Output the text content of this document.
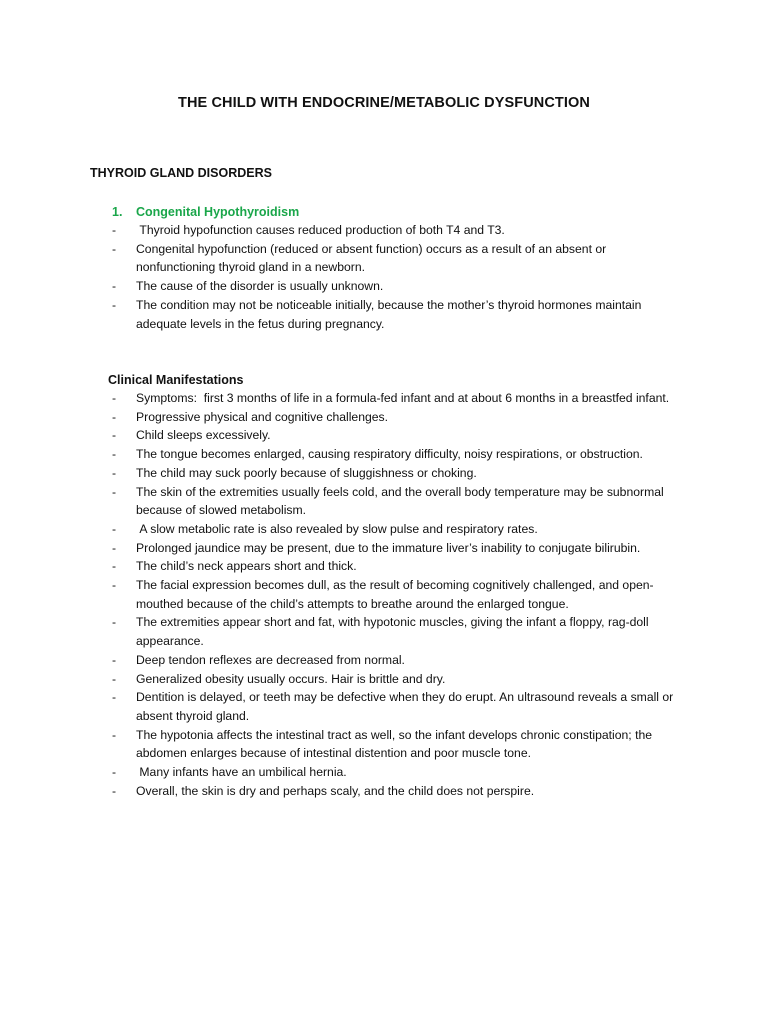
THE CHILD WITH ENDOCRINE/METABOLIC DYSFUNCTION
THYROID GLAND DISORDERS
1. Congenital Hypothyroidism
- Thyroid hypofunction causes reduced production of both T4 and T3.
- Congenital hypofunction (reduced or absent function) occurs as a result of an absent or nonfunctioning thyroid gland in a newborn.
- The cause of the disorder is usually unknown.
- The condition may not be noticeable initially, because the mother’s thyroid hormones maintain adequate levels in the fetus during pregnancy.
Clinical Manifestations
- Symptoms:  first 3 months of life in a formula-fed infant and at about 6 months in a breastfed infant.
- Progressive physical and cognitive challenges.
- Child sleeps excessively.
- The tongue becomes enlarged, causing respiratory difficulty, noisy respirations, or obstruction.
- The child may suck poorly because of sluggishness or choking.
- The skin of the extremities usually feels cold, and the overall body temperature may be subnormal because of slowed metabolism.
- A slow metabolic rate is also revealed by slow pulse and respiratory rates.
- Prolonged jaundice may be present, due to the immature liver’s inability to conjugate bilirubin.
- The child’s neck appears short and thick.
- The facial expression becomes dull, as the result of becoming cognitively challenged, and open-mouthed because of the child’s attempts to breathe around the enlarged tongue.
- The extremities appear short and fat, with hypotonic muscles, giving the infant a floppy, rag-doll appearance.
- Deep tendon reflexes are decreased from normal.
- Generalized obesity usually occurs. Hair is brittle and dry.
- Dentition is delayed, or teeth may be defective when they do erupt. An ultrasound reveals a small or absent thyroid gland.
- The hypotonia affects the intestinal tract as well, so the infant develops chronic constipation; the abdomen enlarges because of intestinal distention and poor muscle tone.
- Many infants have an umbilical hernia.
- Overall, the skin is dry and perhaps scaly, and the child does not perspire.
